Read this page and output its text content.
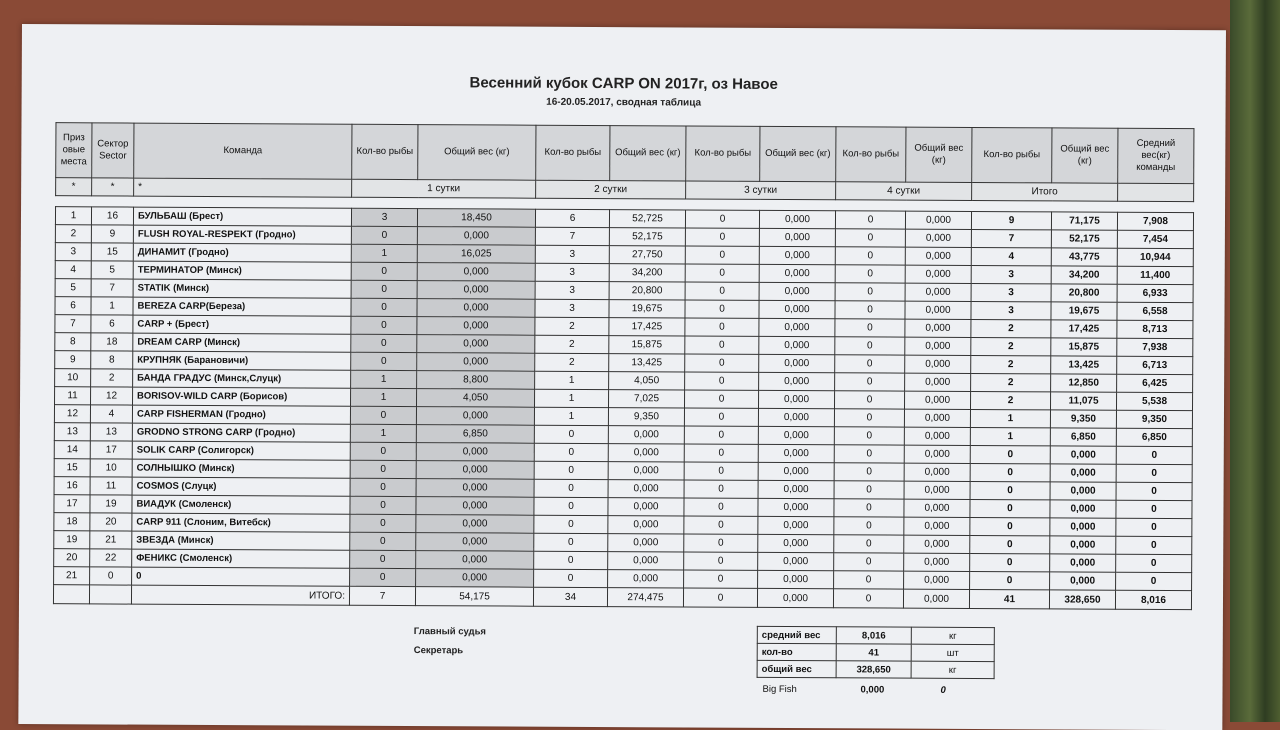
Весенний кубок CARP ON 2017г, оз Навое
16-20.05.2017, сводная таблица
Приз овые места	Сектор Sector	Команда	Кол-во рыбы	Общий вес (кг)	Кол-во рыбы	Общий вес (кг)	Кол-во рыбы	Общий вес (кг)	Кол-во рыбы	Общий вес (кг)	Кол-во рыбы	Общий вес (кг)	Средний вес(кг) команды
*	*	*	1 сутки		2 сутки		3 сутки		4 сутки		Итого		

1	16	БУЛЬБАШ (Брест)	3	18,450	6	52,725	0	0,000	0	0,000	9	71,175	7,908
2	9	FLUSH ROYAL-RESPEKT (Гродно)	0	0,000	7	52,175	0	0,000	0	0,000	7	52,175	7,454
3	15	ДИНАМИТ (Гродно)	1	16,025	3	27,750	0	0,000	0	0,000	4	43,775	10,944
4	5	ТЕРМИНАТОР (Минск)	0	0,000	3	34,200	0	0,000	0	0,000	3	34,200	11,400
5	7	STATIK (Минск)	0	0,000	3	20,800	0	0,000	0	0,000	3	20,800	6,933
6	1	BEREZA CARP(Береза)	0	0,000	3	19,675	0	0,000	0	0,000	3	19,675	6,558
7	6	CARP + (Брест)	0	0,000	2	17,425	0	0,000	0	0,000	2	17,425	8,713
8	18	DREAM CARP (Минск)	0	0,000	2	15,875	0	0,000	0	0,000	2	15,875	7,938
9	8	КРУПНЯК (Барановичи)	0	0,000	2	13,425	0	0,000	0	0,000	2	13,425	6,713
10	2	БАНДА ГРАДУС (Минск,Слуцк)	1	8,800	1	4,050	0	0,000	0	0,000	2	12,850	6,425
11	12	BORISOV-WILD CARP (Борисов)	1	4,050	1	7,025	0	0,000	0	0,000	2	11,075	5,538
12	4	CARP FISHERMAN (Гродно)	0	0,000	1	9,350	0	0,000	0	0,000	1	9,350	9,350
13	13	GRODNO STRONG CARP (Гродно)	1	6,850	0	0,000	0	0,000	0	0,000	1	6,850	6,850
14	17	SOLIK CARP (Солигорск)	0	0,000	0	0,000	0	0,000	0	0,000	0	0,000	0
15	10	СОЛНЫШКО (Минск)	0	0,000	0	0,000	0	0,000	0	0,000	0	0,000	0
16	11	COSMOS (Слуцк)	0	0,000	0	0,000	0	0,000	0	0,000	0	0,000	0
17	19	ВИАДУК (Смоленск)	0	0,000	0	0,000	0	0,000	0	0,000	0	0,000	0
18	20	CARP 911 (Слоним, Витебск)	0	0,000	0	0,000	0	0,000	0	0,000	0	0,000	0
19	21	ЗВЕЗДА (Минск)	0	0,000	0	0,000	0	0,000	0	0,000	0	0,000	0
20	22	ФЕНИКС (Смоленск)	0	0,000	0	0,000	0	0,000	0	0,000	0	0,000	0
21	0	0	0	0,000	0	0,000	0	0,000	0	0,000	0	0,000	0
		ИТОГО:	7	54,175	34	274,475	0	0,000	0	0,000	41	328,650	8,016
Главный судья
Секретарь
средний вес	8,016	кг
кол-во	41	шт
общий вес	328,650	кг
Big Fish	0,000	0
